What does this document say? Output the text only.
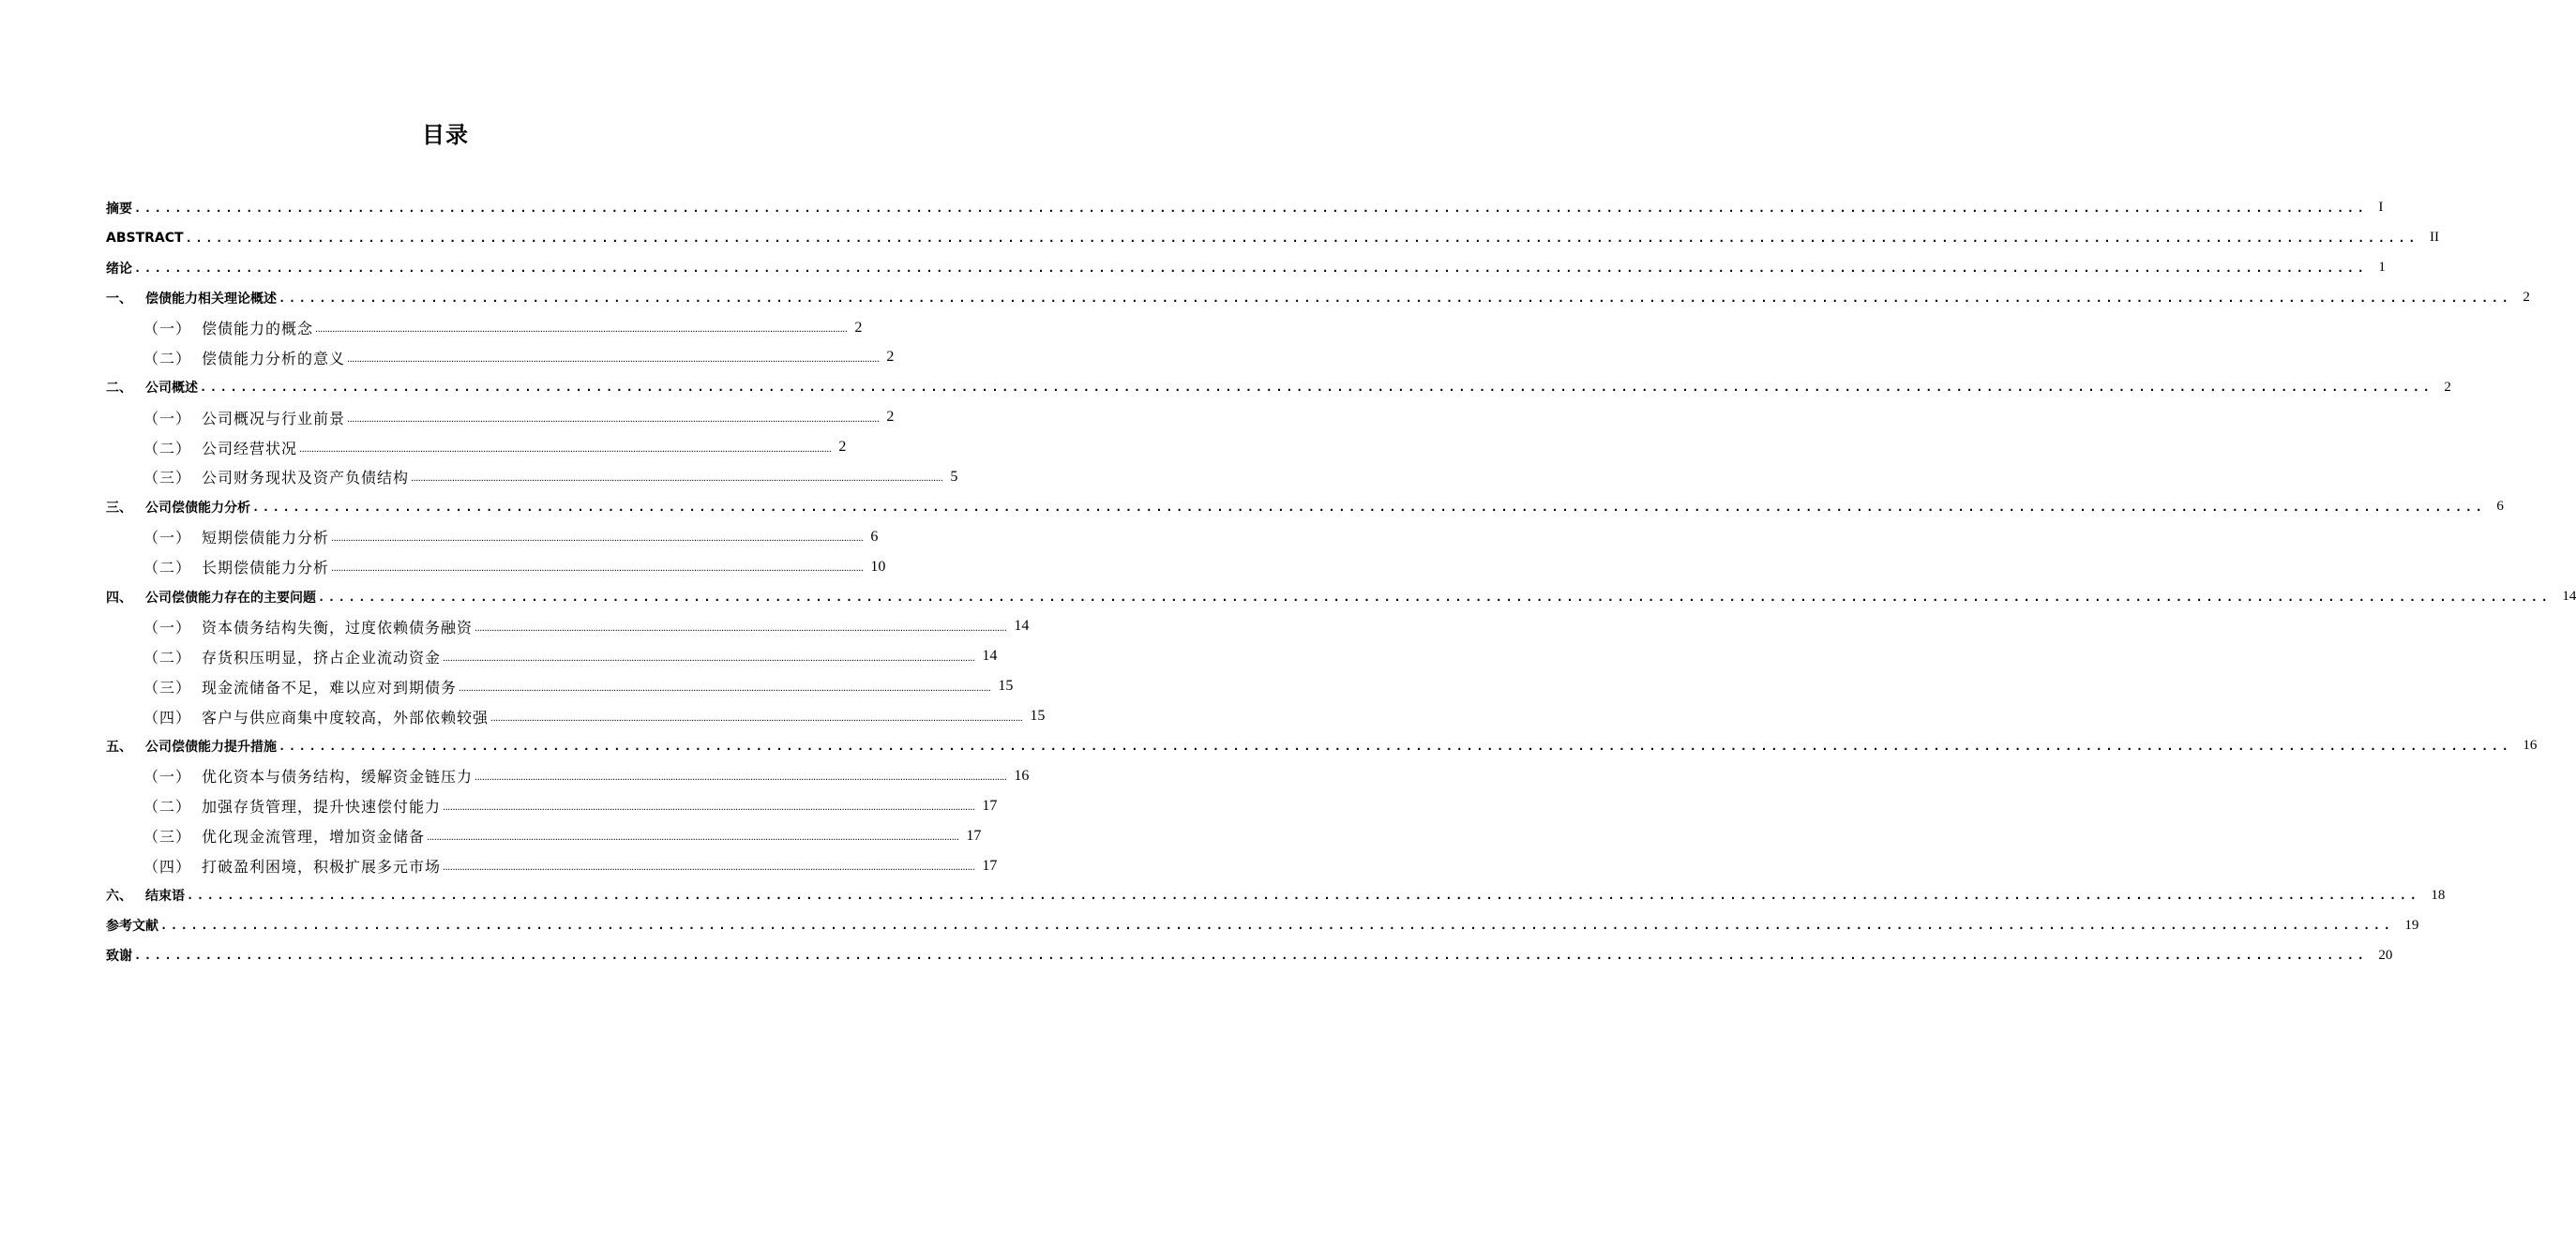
目录
摘要 ............................................................................................................................................................................................................................ I
ABSTRACT ............................................................................................................................................................................................................................ II
绪论 ............................................................................................................................................................................................................................ 1
一、	偿债能力相关理论概述 ............................................................................................................................................................................................................................ 2
（一） 偿债能力的概念 ............................................................................................................................................................................................................................ 2
（二） 偿债能力分析的意义 ............................................................................................................................................................................................................................ 2
二、	公司概述 ............................................................................................................................................................................................................................ 2
（一） 公司概况与行业前景 ............................................................................................................................................................................................................................ 2
（二） 公司经营状况 ............................................................................................................................................................................................................................ 2
（三） 公司财务现状及资产负债结构 ............................................................................................................................................................................................................................ 5
三、	公司偿债能力分析 ............................................................................................................................................................................................................................ 6
（一） 短期偿债能力分析 ............................................................................................................................................................................................................................ 6
（二） 长期偿债能力分析 ............................................................................................................................................................................................................................ 10
四、	公司偿债能力存在的主要问题 ............................................................................................................................................................................................................................ 14
（一） 资本债务结构失衡，过度依赖债务融资 ............................................................................................................................................................................................................................ 14
（二） 存货积压明显，挤占企业流动资金 ............................................................................................................................................................................................................................ 14
（三） 现金流储备不足，难以应对到期债务 ............................................................................................................................................................................................................................ 15
（四） 客户与供应商集中度较高，外部依赖较强 ............................................................................................................................................................................................................................ 15
五、	公司偿债能力提升措施 ............................................................................................................................................................................................................................ 16
（一） 优化资本与债务结构，缓解资金链压力 ............................................................................................................................................................................................................................ 16
（二） 加强存货管理，提升快速偿付能力 ............................................................................................................................................................................................................................ 17
（三） 优化现金流管理，增加资金储备 ............................................................................................................................................................................................................................ 17
（四） 打破盈利困境，积极扩展多元市场 ............................................................................................................................................................................................................................ 17
六、	结束语 ............................................................................................................................................................................................................................ 18
参考文献 ............................................................................................................................................................................................................................ 19
致谢 ............................................................................................................................................................................................................................ 20
